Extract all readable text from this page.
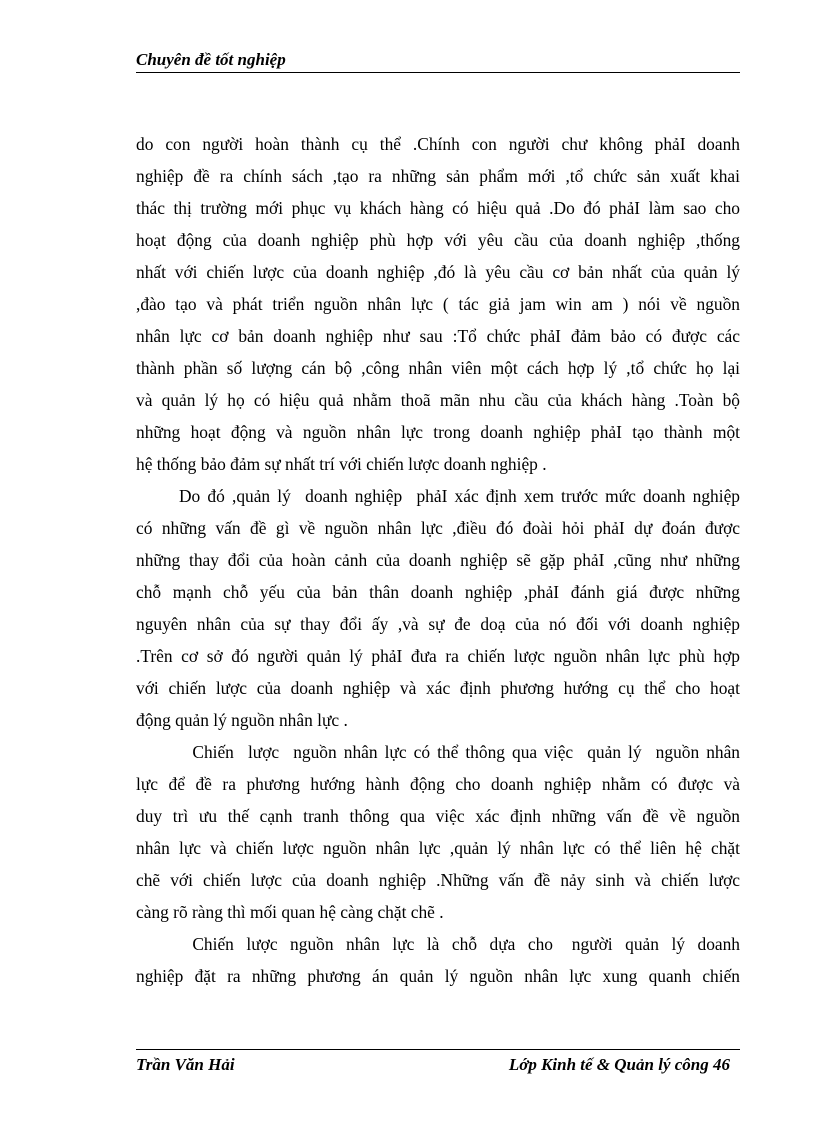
Chuyên đề tốt nghiệp
do con người hoàn thành cụ thể .Chính con người chư không phảI doanh
nghiệp đề ra chính sách ,tạo ra những sản phẩm mới ,tổ chức sản xuất khai
thác thị trường mới phục vụ khách hàng có hiệu quả .Do đó phảI làm sao cho
hoạt động của doanh nghiệp phù hợp với yêu cầu của doanh nghiệp ,thống
nhất với chiến lược của doanh nghiệp ,đó là yêu cầu cơ bản nhất của quản lý
,đào tạo và phát triển nguồn nhân lực ( tác giả jam win am ) nói về nguồn
nhân lực cơ bản doanh nghiệp như sau :Tổ chức phảI đảm bảo có được các
thành phần số lượng cán bộ ,công nhân viên một cách hợp lý ,tổ chức họ lại
và quản lý họ có hiệu quả nhằm thoã mãn nhu cầu của khách hàng .Toàn bộ
những hoạt động và nguồn nhân lực trong doanh nghiệp phảI tạo thành một
hệ thống bảo đảm sự nhất trí với chiến lược doanh nghiệp .
Do đó ,quản lý  doanh nghiệp  phảI xác định xem trước mức doanh nghiệp
có những vấn đề gì về nguồn nhân lực ,điều đó đoài hỏi phảI dự đoán được
những thay đổi của hoàn cảnh của doanh nghiệp sẽ gặp phảI ,cũng như những
chỗ mạnh chỗ yếu của bản thân doanh nghiệp ,phảI đánh giá được những
nguyên nhân của sự thay đổi ấy ,và sự đe doạ của nó đối với doanh nghiệp
.Trên cơ sở đó người quản lý phảI đưa ra chiến lược nguồn nhân lực phù hợp
với chiến lược của doanh nghiệp và xác định phương hướng cụ thể cho hoạt
động quản lý nguồn nhân lực .
Chiến  lược  nguồn nhân lực có thể thông qua việc  quản lý  nguồn nhân
lực để đề ra phương hướng hành động cho doanh nghiệp nhằm có được và
duy trì ưu thế cạnh tranh thông qua việc xác định những vấn đề về nguồn
nhân lực và chiến lược nguồn nhân lực ,quản lý nhân lực có thể liên hệ chặt
chẽ với chiến lược của doanh nghiệp .Những vấn đề nảy sinh và chiến lược
càng rõ ràng thì mối quan hệ càng chặt chẽ .
Chiến  lược  nguồn  nhân  lực  là  chỗ  dựa  cho   người  quản  lý  doanh
nghiệp đặt ra những phương án quản lý nguồn nhân lực xung quanh chiến
Trần Văn Hải	Lớp Kinh tế & Quản lý công 46
